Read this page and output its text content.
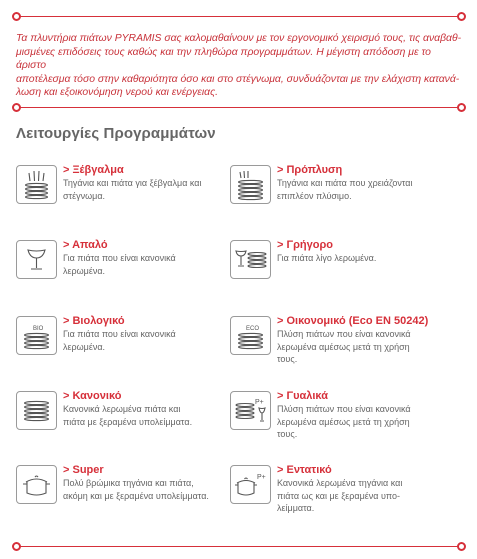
Τα πλυντήρια πιάτων PYRAMIS σας καλομαθαίνουν με τον εργονομικό χειρισμό τους, τις αναβαθ-
μισμένες επιδόσεις τους καθώς και την πληθώρα προγραμμάτων. Η μέγιστη απόδοση με το άριστο
αποτέλεσμα τόσο στην καθαριότητα όσο και στο στέγνωμα, συνδυάζονται με την ελάχιστη κατανά-
λωση και εξοικονόμηση νερού και ενέργειας.

Λειτουργίες Προγραμμάτων
> Ξέβγαλμα
Τηγάνια και πιάτα για ξέβγαλμα και
στέγνωμα.
> Πρόπλυση
Τηγάνια και πιάτα που χρειάζονται
επιπλέον πλύσιμο.
> Απαλό
Για πιάτα που είναι κανονικά
λερωμένα.
> Γρήγορο
Για πιάτα λίγο λερωμένα.
BIO
> Βιολογικό
Για πιάτα που είναι κανονικά
λερωμένα.
ECO
> Οικονομικό (Eco EN 50242)
Πλύση πιάτων που είναι κανονικά
λερωμένα αμέσως μετά τη χρήση
τους.
> Κανονικό
Κανονικά λερωμένα πιάτα και
πιάτα με ξεραμένα υπολείμματα.
P+
> Γυαλικά
Πλύση πιάτων που είναι κανονικά
λερωμένα αμέσως μετά τη χρήση
τους.
> Super
Πολύ βρώμικα τηγάνια και πιάτα,
ακόμη και με ξεραμένα υπολείμματα.
P+
> Εντατικό
Κανονικά λερωμένα τηγάνια και
πιάτα ως και με ξεραμένα υπο-
λείμματα.
